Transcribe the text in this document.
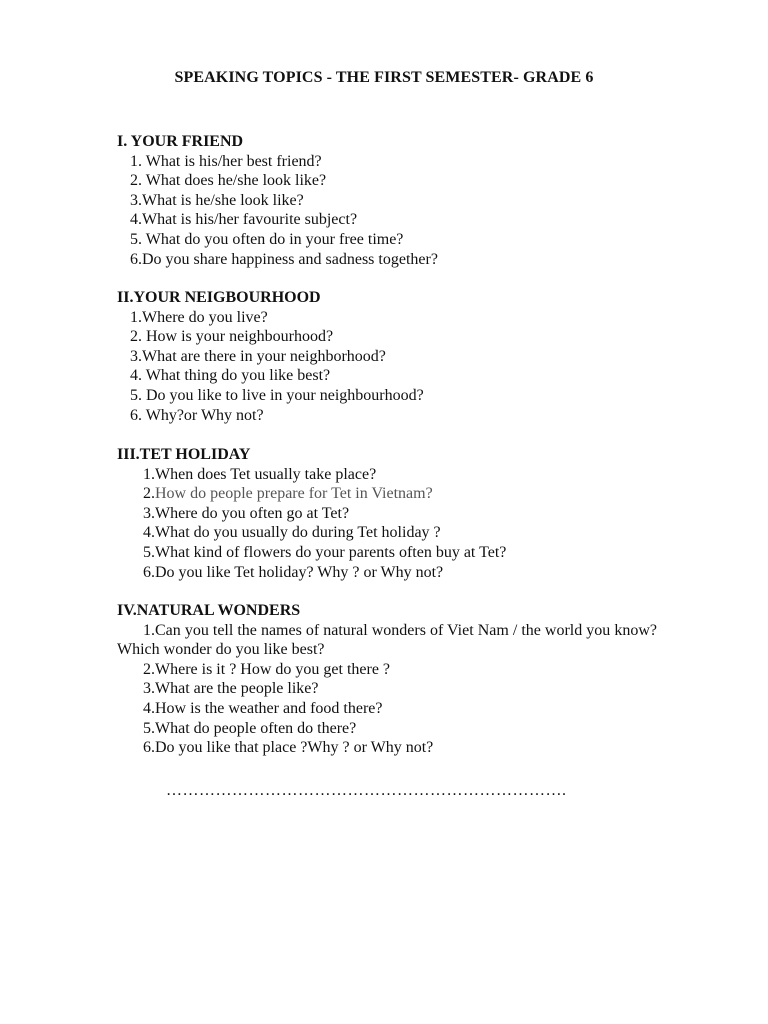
SPEAKING TOPICS - THE FIRST SEMESTER- GRADE 6
I. YOUR FRIEND
1. What is his/her best friend?
2. What does he/she look like?
3.What is he/she look like?
4.What is his/her favourite subject?
5. What do you often do in your free time?
6.Do you share happiness and sadness together?
II.YOUR NEIGBOURHOOD
1.Where do you live?
2. How is your neighbourhood?
3.What are there in your neighborhood?
4. What thing do you like best?
5. Do you like to live in your neighbourhood?
6. Why?or Why not?
III.TET HOLIDAY
1.When does Tet usually take place?
2.How do people prepare for Tet in Vietnam?
3.Where do you often go at Tet?
4.What do you usually do during Tet holiday ?
5.What kind of flowers do your parents often buy at Tet?
6.Do you like Tet holiday? Why ? or Why not?
IV.NATURAL WONDERS
1.Can you tell the names of natural wonders of Viet Nam / the world you know? Which wonder do you like best?
2.Where is it ? How do you get there ?
3.What are the people like?
4.How is the weather and food there?
5.What do people often do there?
6.Do you like that place ?Why ? or Why not?
……………………………………………………………….
